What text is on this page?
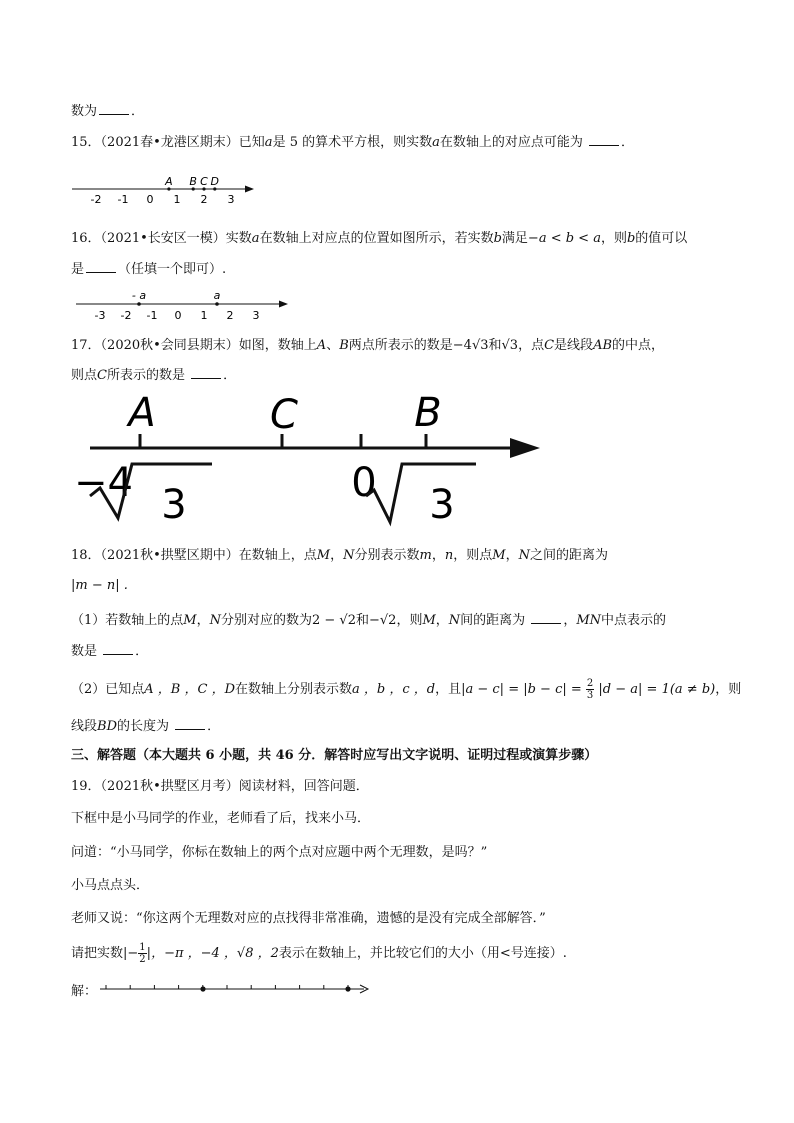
数为	．
15．（2021春•龙港区期末）已知a是 5 的算术平方根，则实数a在数轴上的对应点可能为	．
-2 -1 0 1 2 3
A B C D
16．（2021•长安区一模）实数a在数轴上对应点的位置如图所示，若实数b满足−a < b < a，则b的值可以
是	（任填一个即可）.
-3 -2 -1 0 1 2 3
- a	a
17．（2020秋•会同县期末）如图，数轴上A、B两点所表示的数是−4√3和√3，点C是线段AB的中点，
则点C所表示的数是	．
A	C	B
−4 3	0 3
18．（2021秋•拱墅区期中）在数轴上，点M，N分别表示数m，n，则点M，N之间的距离为
|m − n| .
（1）若数轴上的点M，N分别对应的数为2 − √2和−√2，则M，N间的距离为	，MN中点表示的
数是	．
（2）已知点A ，B ，C ，D在数轴上分别表示数a ，b ，c ，d，且$|a - c| = |b - c| = \frac{2}{3} |d - a| = 1(a \ne b)$，则
线段BD的长度为	．
三、解答题（本大题共 6 小题，共 46 分．解答时应写出文字说明、证明过程或演算步骤）
19．（2021秋•拱墅区月考）阅读材料，回答问题．
下框中是小马同学的作业，老师看了后，找来小马．
问道：“小马同学，你标在数轴上的两个点对应题中两个无理数，是吗？”
小马点点头．
老师又说：“你这两个无理数对应的点找得非常准确，遗憾的是没有完成全部解答．”
请把实数|− $\frac{1}{2}$ |，−π ，−4 ，√8 ，2表示在数轴上，并比较它们的大小（用<号连接）.
解：
